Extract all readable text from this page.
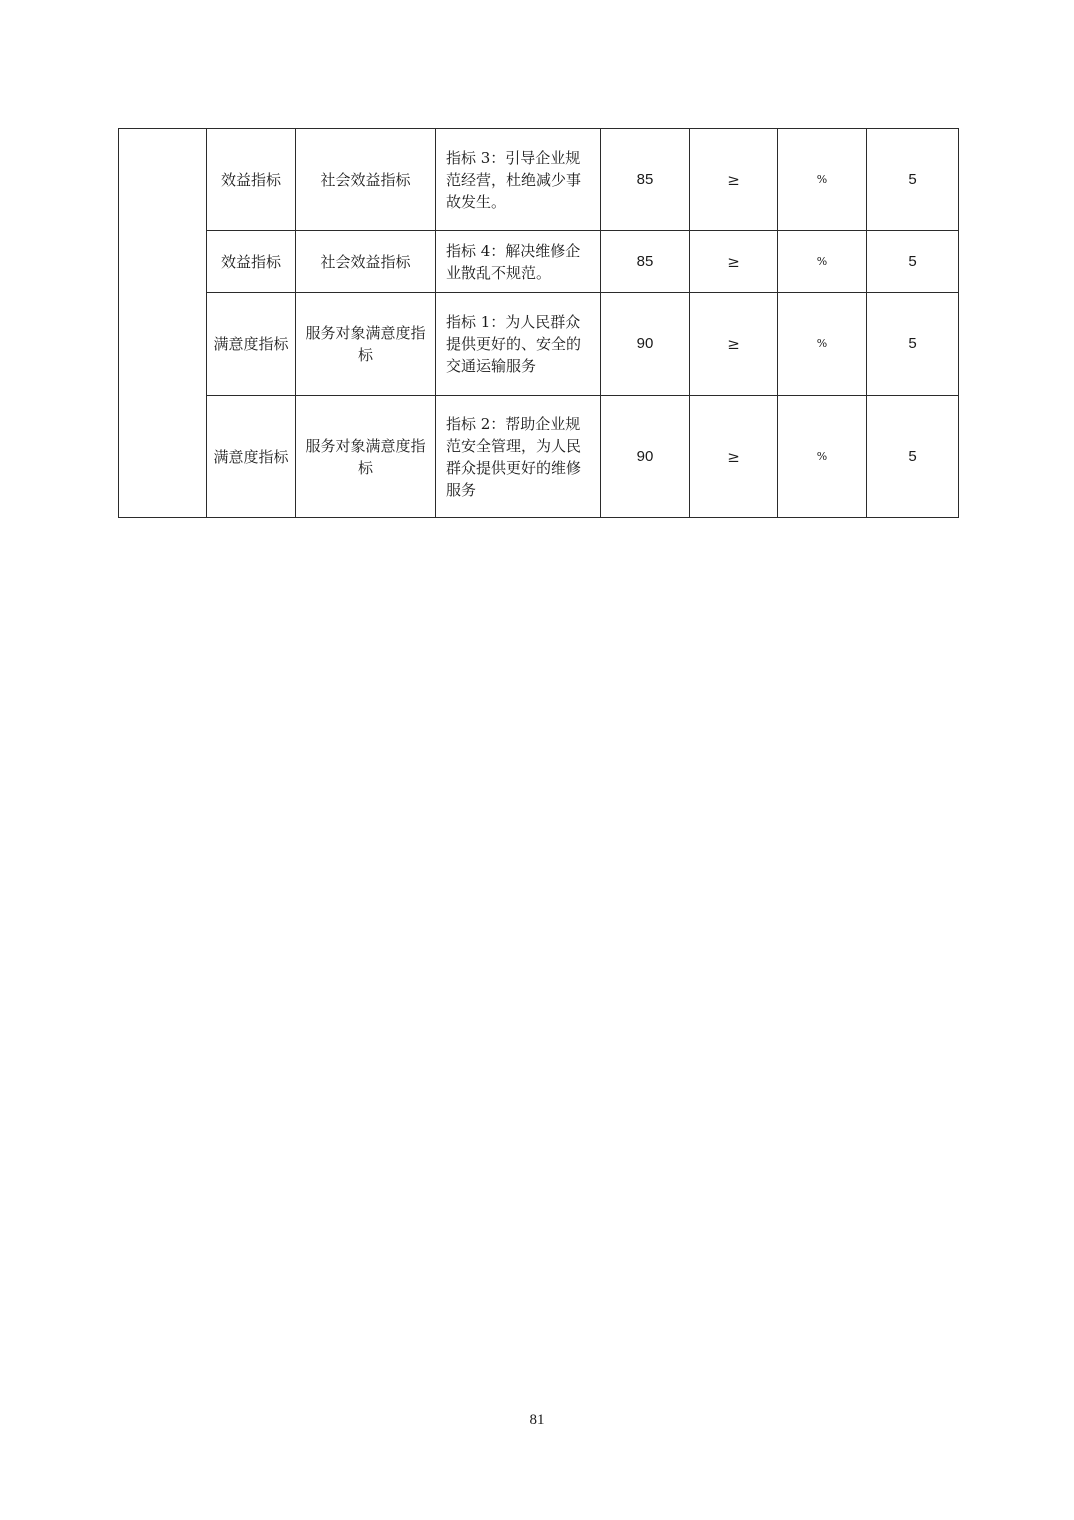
	效益指标	社会效益指标	指标 3：引导企业规范经营，杜绝减少事故发生。	85	≥	%	5
	效益指标	社会效益指标	指标 4：解决维修企业散乱不规范。	85	≥	%	5
	满意度指标	服务对象满意度指标	指标 1：为人民群众提供更好的、安全的交通运输服务	90	≥	%	5
	满意度指标	服务对象满意度指标	指标 2：帮助企业规范安全管理，为人民群众提供更好的维修服务	90	≥	%	5
81
